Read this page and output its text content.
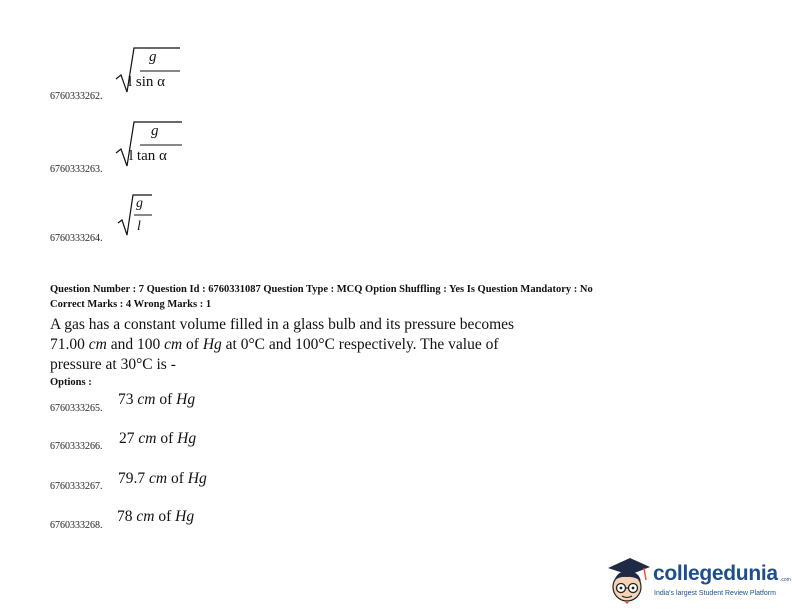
6760333262.
g
l sin α
6760333263.
g
l tan α
6760333264.
g
l
Question Number : 7 Question Id : 6760331087 Question Type : MCQ Option Shuffling : Yes Is Question Mandatory : No
Correct Marks : 4 Wrong Marks : 1
A gas has a constant volume filled in a glass bulb and its pressure becomes
71.00 cm and 100 cm of Hg at 0°C and 100°C respectively. The value of
pressure at 30°C is -
Options :
6760333265.
73 cm of Hg
6760333266. 27 cm of Hg
6760333267. 79.7 cm of Hg
6760333268.
78 cm of Hg
collegedunia .com
India's largest Student Review Platform
